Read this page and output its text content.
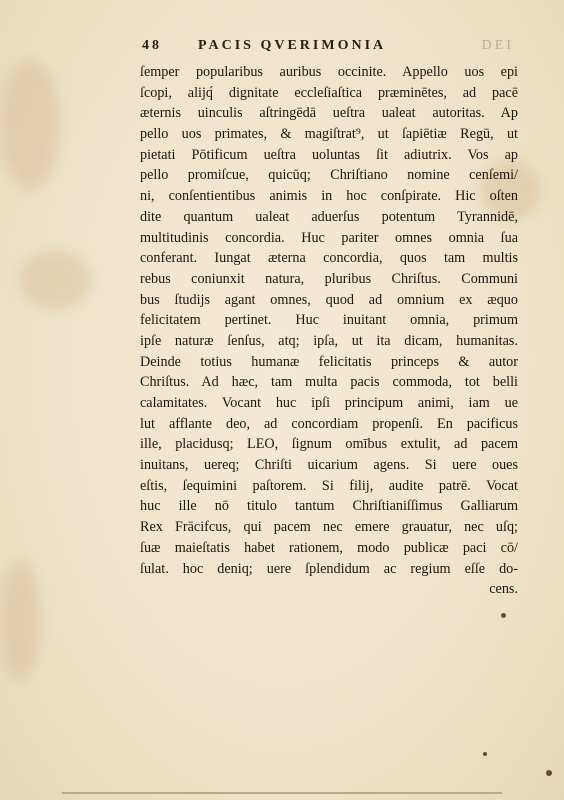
48	PACIS QVERIMONIA	DEI
ſemper popularibus auribus occinite. Appello uos epi
ſcopi, alijq́ dignitate eccleſiaſtica præminētes, ad pacē
æternis uinculis aſtringēdā ueſtra ualeat autoritas. Ap
pello uos primates, & magiſtrat⁹, ut ſapiētiæ Regū, ut
pietati Pōtificum ueſtra uoluntas ſit adiutrix. Vos ap
pello promiſcue, quicūq; Chriſtiano nomine cenſemi/
ni, conſentientibus animis in hoc conſpirate. Hic oſten
dite quantum ualeat aduerſus potentum Tyrannidē,
multitudinis concordia. Huc pariter omnes omnia ſua
conferant. Iungat æterna concordia, quos tam multis
rebus coniunxit natura, pluribus Chriſtus. Communi
bus ſtudijs agant omnes, quod ad omnium ex æquo
felicitatem pertinet. Huc inuitant omnia, primum
ipſe naturæ ſenſus, atq; ipſa, ut ita dicam, humanitas.
Deinde totius humanæ felicitatis princeps & autor
Chriſtus. Ad hæc, tam multa pacis commoda, tot belli
calamitates. Vocant huc ipſi principum animi, iam ue
lut afflante deo, ad concordiam propenſi. En pacificus
ille, placidusq; LEO, ſignum omībus extulit, ad pacem
inuitans, uereq; Chriſti uicarium agens. Si uere oues
eſtis, ſequimini paſtorem. Si filij, audite patrē. Vocat
huc ille nō titulo tantum Chriſtianiſſimus Galliarum
Rex Frācifcus, qui pacem nec emere grauatur, nec uſq;
ſuæ maieſtatis habet rationem, modo publicæ paci cō/
ſulat. hoc deniq; uere ſplendidum ac regium eſſe do-
cens.
